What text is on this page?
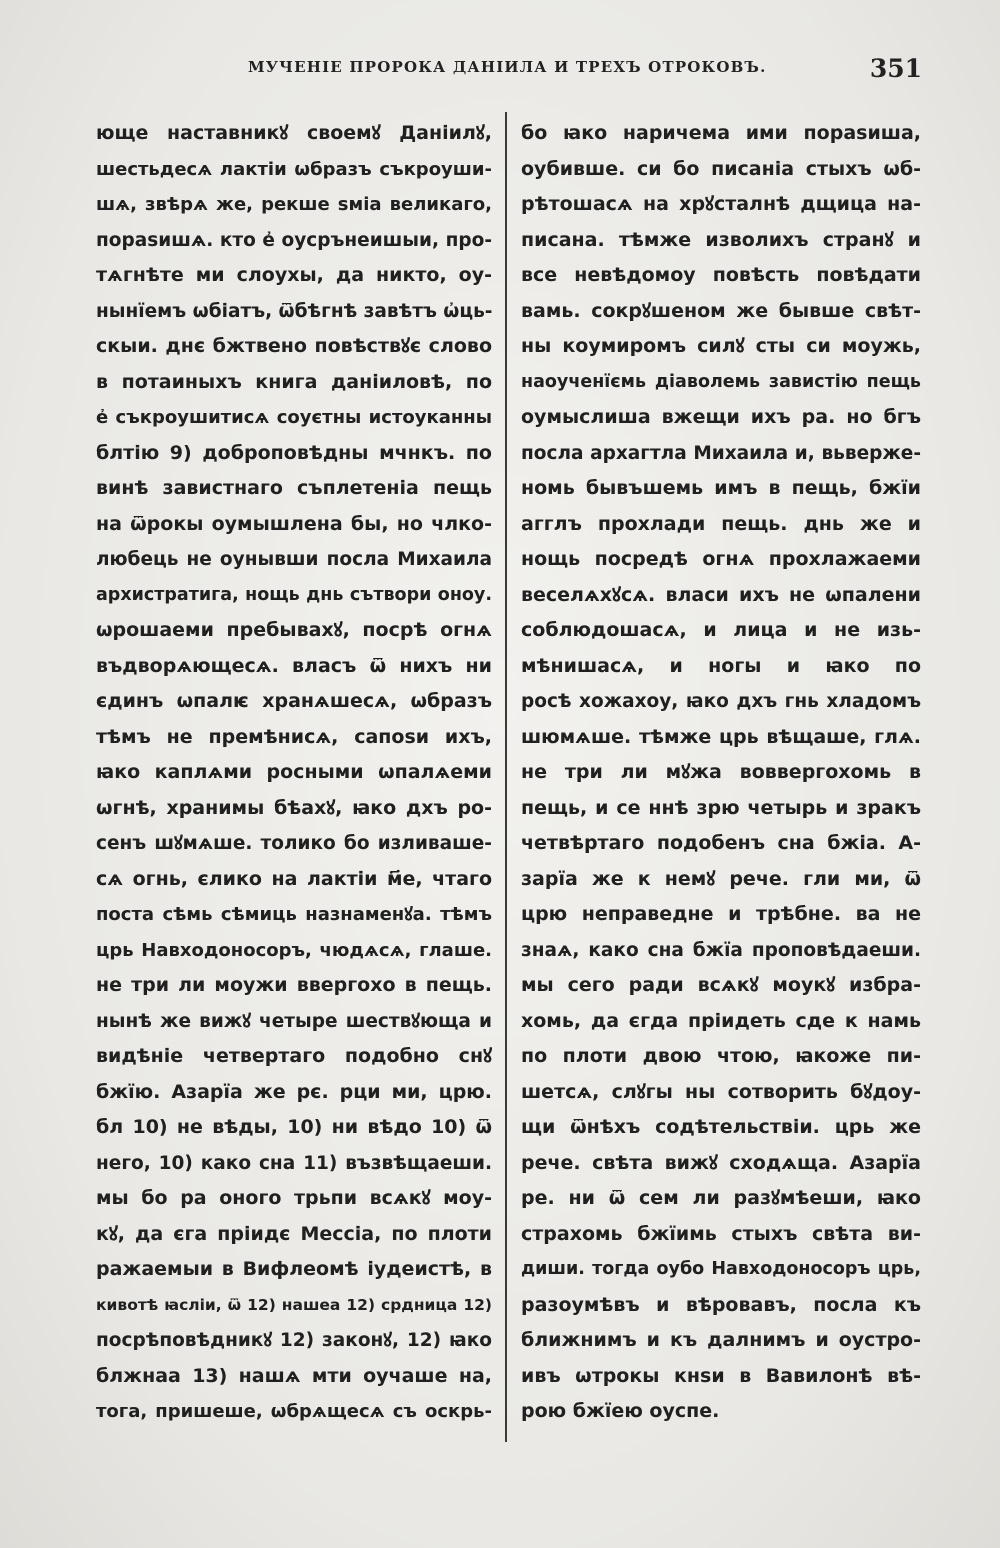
МУЧЕНІЕ ПРОРОКА ДАНІИЛА И ТРЕХЪ ОТРОКОВЪ.	351
юще наставникꙋ своемꙋ Даніилꙋ,
шестьдесѧ лактіи ѡбразъ съкроуши-
шѧ, звѣрѧ же, рекше ѕміа великаго,
пораѕишѧ. кто е҆ оусрънеишыи, про-
тѧгнѣте ми слоухы, да никто, оу-
нынїемъ ѡбіатъ, ѿбѣгнѣ завѣтъ ѡ҆ць-
скыи. днє бжтвено повѣствꙋє слово
в потаиныхъ книга даніиловѣ, по
е҆ съкроушитисѧ соуєтны истоуканны
блтію 9) доброповѣдны мчнкъ. по
винѣ завистнаго съплетеніа пещь
на ѿрокы оумышлена бы, но члко-
любець не оунывши посла Михаила
архистратига, нощь днь сътвори оноу.
ѡрошаеми пребывахꙋ, посрѣ огнѧ
въдворѧющесѧ. власъ ѿ нихъ ни
єдинъ ѡпалѥ хранѧшесѧ, ѡбразъ
тѣмъ не премѣнисѧ, сапоѕи ихъ,
ꙗко каплѧми росными ѡпалѧеми
ѡгнѣ, хранимы бѣахꙋ, ꙗко дхъ ро-
сенъ шꙋмѧше. толико бо изливаше-
сѧ огнь, єлико на лактіи м҃е, чтаго
поста сѣмь сѣмиць назнаменꙋа. тѣмъ
црь Навходоносоръ, чюдѧсѧ, глаше.
не три ли моужи ввергохо в пещь.
нынѣ же вижꙋ четыре шествꙋюща и
видѣніе четвертаго подобно снꙋ
бжїю. Азарїа же рє. рци ми, црю.
бл 10) не вѣды, 10) ни вѣдо 10) ѿ
него, 10) како сна 11) възвѣщаеши.
мы бо ра оного трьпи всѧкꙋ моу-
кꙋ, да єга пріидє Мессіа, по плоти
ражаемыи в Вифлеомѣ іудеистѣ, в
кивотѣ ꙗсліи, ѿ 12) нашеа 12) срдница 12)
посрѣповѣдникꙋ 12) законꙋ, 12) ꙗко
блжнаа 13) нашѧ мти оучаше на,
тога, пришеше, ѡбрѧщесѧ съ оскрь-
бо ꙗко наричема ими пораѕиша,
оубивше. си бо писаніа стыхъ ѡб-
рѣтошасѧ на хрꙋсталнѣ дщица на-
писана. тѣмже изволихъ странꙋ и
все невѣдомоу повѣсть повѣдати
вамь. сокрꙋшеном же бывше свѣт-
ны коумиромъ силꙋ сты си моужь,
наоученїємь діаволемь завистію пещь
оумыслиша вжещи ихъ ра. но бгъ
посла архагтла Михаила и, вьверже-
номь бывъшемь имъ в пещь, бжїи
агглъ прохлади пещь. днь же и
нощь посредѣ огнѧ прохлажаеми
веселѧхꙋсѧ. власи ихъ не ѡпалени
соблюдошасѧ, и лица и не изь-
мѣнишасѧ, и ногы и ꙗко по
росѣ хожахоу, ꙗко дхъ гнь хладомъ
шюмѧше. тѣмже црь вѣщаше, глѧ.
не три ли мꙋжа воввергохомь в
пещь, и се ннѣ зрю четырь и зракъ
четвѣртаго подобенъ сна бжіа. А-
зарїа же к немꙋ рече. гли ми, ѿ
црю неправедне и трѣбне. ва не
знаѧ, како сна бжїа проповѣдаеши.
мы сего ради всѧкꙋ моукꙋ избра-
хомь, да єгда пріидеть сде к намь
по плоти двою чтою, ꙗкоже пи-
шетсѧ, слꙋгы ны сотворить бꙋдоу-
щи ѿнѣхъ содѣтельствіи. црь же
рече. свѣта вижꙋ сходѧща. Азарїа
ре. ни ѿ сем ли разꙋмѣеши, ꙗко
страхомь бжїимь стыхъ свѣта ви-
диши. тогда оубо Навходоносоръ црь,
разоумѣвъ и вѣровавъ, посла къ
ближнимъ и къ далнимъ и оустро-
ивъ ѡтрокы кнѕи в Вавилонѣ вѣ-
рою бжїею оуспе.
